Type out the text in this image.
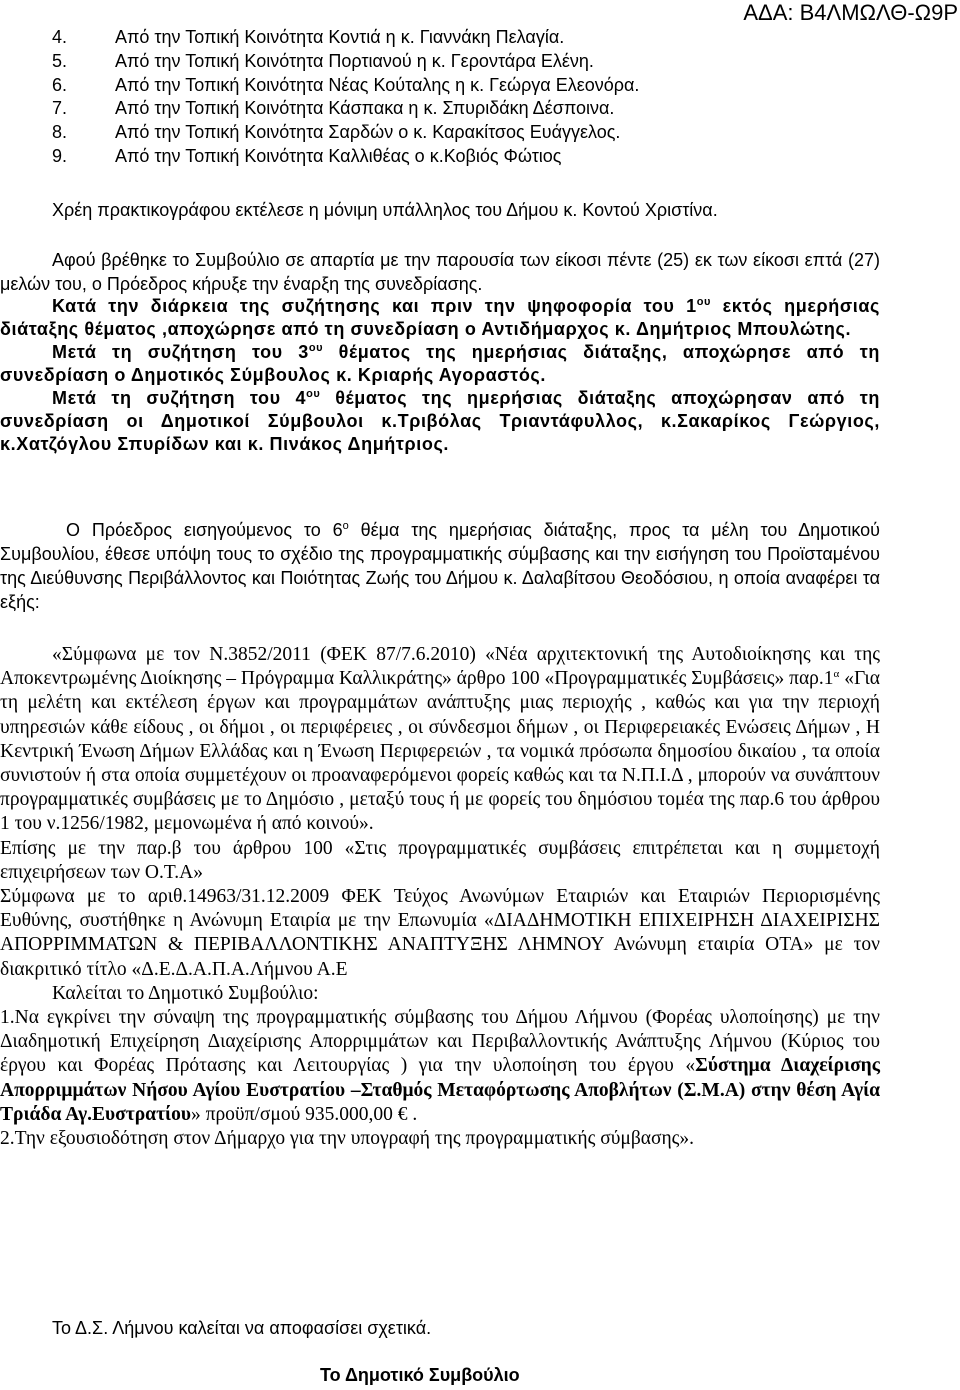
ΑΔΑ: Β4ΛΜΩΛΘ-Ω9Ρ
4.	Από την Τοπική Κοινότητα Κοντιά η κ. Γιαννάκη Πελαγία.
5.	Από την Τοπική Κοινότητα Πορτιανού η κ. Γεροντάρα Ελένη.
6.	Από την Τοπική Κοινότητα Νέας Κούταλης η κ. Γεώργα Ελεονόρα.
7.	Από την Τοπική Κοινότητα Κάσπακα η κ. Σπυριδάκη Δέσποινα.
8.	Από την Τοπική Κοινότητα Σαρδών ο κ. Καρακίτσος Ευάγγελος.
9.	Από την Τοπική Κοινότητα Καλλιθέας ο κ.Κοβιός Φώτιος
Χρέη πρακτικογράφου εκτέλεσε η μόνιμη υπάλληλος του Δήμου κ. Κοντού Χριστίνα.
Αφού βρέθηκε το Συμβούλιο σε απαρτία με την παρουσία των είκοσι πέντε (25) εκ των είκοσι επτά (27) μελών του, ο Πρόεδρος κήρυξε την έναρξη της συνεδρίασης.
Κατά την διάρκεια της συζήτησης και πριν την ψηφοφορία του $1^{o\upsilon}$ εκτός ημερήσιας διάταξης θέματος ,αποχώρησε από τη συνεδρίαση ο Αντιδήμαρχος κ. Δημήτριος Μπουλώτης.
Μετά τη συζήτηση του $3^{o\upsilon}$ θέματος της ημερήσιας διάταξης, αποχώρησε από τη συνεδρίαση ο Δημοτικός Σύμβουλος κ. Κριαρής Αγοραστός.
Μετά τη συζήτηση του $4^{o\upsilon}$ θέματος της ημερήσιας διάταξης αποχώρησαν από τη συνεδρίαση οι Δημοτικοί Σύμβουλοι κ.Τριβόλας Τριαντάφυλλος, κ.Σακαρίκος Γεώργιος, κ.Χατζόγλου Σπυρίδων και κ. Πινάκος Δημήτριος.
Ο Πρόεδρος εισηγούμενος το $6^o$ θέμα της ημερήσιας διάταξης, προς τα μέλη του Δημοτικού Συμβουλίου, έθεσε υπόψη τους το σχέδιο της προγραμματικής σύμβασης και την εισήγηση του Προϊσταμένου της Διεύθυνσης Περιβάλλοντος και Ποιότητας Ζωής του Δήμου κ. Δαλαβίτσου Θεοδόσιου, η οποία αναφέρει τα εξής:
«Σύμφωνα με τον Ν.3852/2011 (ΦΕΚ 87/7.6.2010) «Νέα αρχιτεκτονική της Αυτοδιοίκησης και της Αποκεντρωμένης Διοίκησης – Πρόγραμμα Καλλικράτης» άρθρο 100 «Προγραμματικές Συμβάσεις» $\pi\alpha\rho.1^\alpha$ «Για τη μελέτη και εκτέλεση έργων και προγραμμάτων ανάπτυξης μιας περιοχής , καθώς και για την περιοχή υπηρεσιών κάθε είδους , οι δήμοι , οι περιφέρειες , οι σύνδεσμοι δήμων , οι Περιφερειακές Ενώσεις Δήμων , Η Κεντρική Ένωση Δήμων Ελλάδας και η Ένωση Περιφερειών , τα νομικά πρόσωπα δημοσίου δικαίου , τα οποία συνιστούν ή στα οποία συμμετέχουν οι προαναφερόμενοι φορείς καθώς και τα Ν.Π.Ι.Δ , μπορούν να συνάπτουν προγραμματικές συμβάσεις με το Δημόσιο , μεταξύ τους ή με φορείς του δημόσιου τομέα της παρ.6 του άρθρου 1 του ν.1256/1982, μεμονωμένα ή από κοινού».
Επίσης με την παρ.β του άρθρου 100 «Στις προγραμματικές συμβάσεις επιτρέπεται και η συμμετοχή επιχειρήσεων των Ο.Τ.Α»
Σύμφωνα με το αριθ.14963/31.12.2009 ΦΕΚ Τεύχος Ανωνύμων Εταιριών και Εταιριών Περιορισμένης Ευθύνης, συστήθηκε η Ανώνυμη Εταιρία με την Επωνυμία «ΔΙΑΔΗΜΟΤΙΚΗ ΕΠΙΧΕΙΡΗΣΗ ΔΙΑΧΕΙΡΙΣΗΣ ΑΠΟΡΡΙΜΜΑΤΩΝ & ΠΕΡΙΒΑΛΛΟΝΤΙΚΗΣ ΑΝΑΠΤΥΞΗΣ ΛΗΜΝΟΥ Ανώνυμη εταιρία ΟΤΑ» με τον διακριτικό τίτλο «Δ.Ε.Δ.Α.Π.Α.Λήμνου Α.Ε
Καλείται το Δημοτικό Συμβούλιο:
1.Να εγκρίνει την σύναψη της προγραμματικής σύμβασης του Δήμου Λήμνου (Φορέας υλοποίησης) με την Διαδημοτική Επιχείρηση Διαχείρισης Απορριμμάτων και Περιβαλλοντικής Ανάπτυξης Λήμνου (Κύριος του έργου και Φορέας Πρότασης και Λειτουργίας ) για την υλοποίηση του έργου «Σύστημα Διαχείρισης Απορριμμάτων Νήσου Αγίου Ευστρατίου –Σταθμός Μεταφόρτωσης Αποβλήτων (Σ.Μ.Α) στην θέση Αγία Τριάδα Αγ.Ευστρατίου» προϋπ/σμού 935.000,00 € .
2.Την εξουσιοδότηση στον Δήμαρχο για την υπογραφή της προγραμματικής σύμβασης».
Το Δ.Σ. Λήμνου καλείται να αποφασίσει σχετικά.
Το Δημοτικό Συμβούλιο
